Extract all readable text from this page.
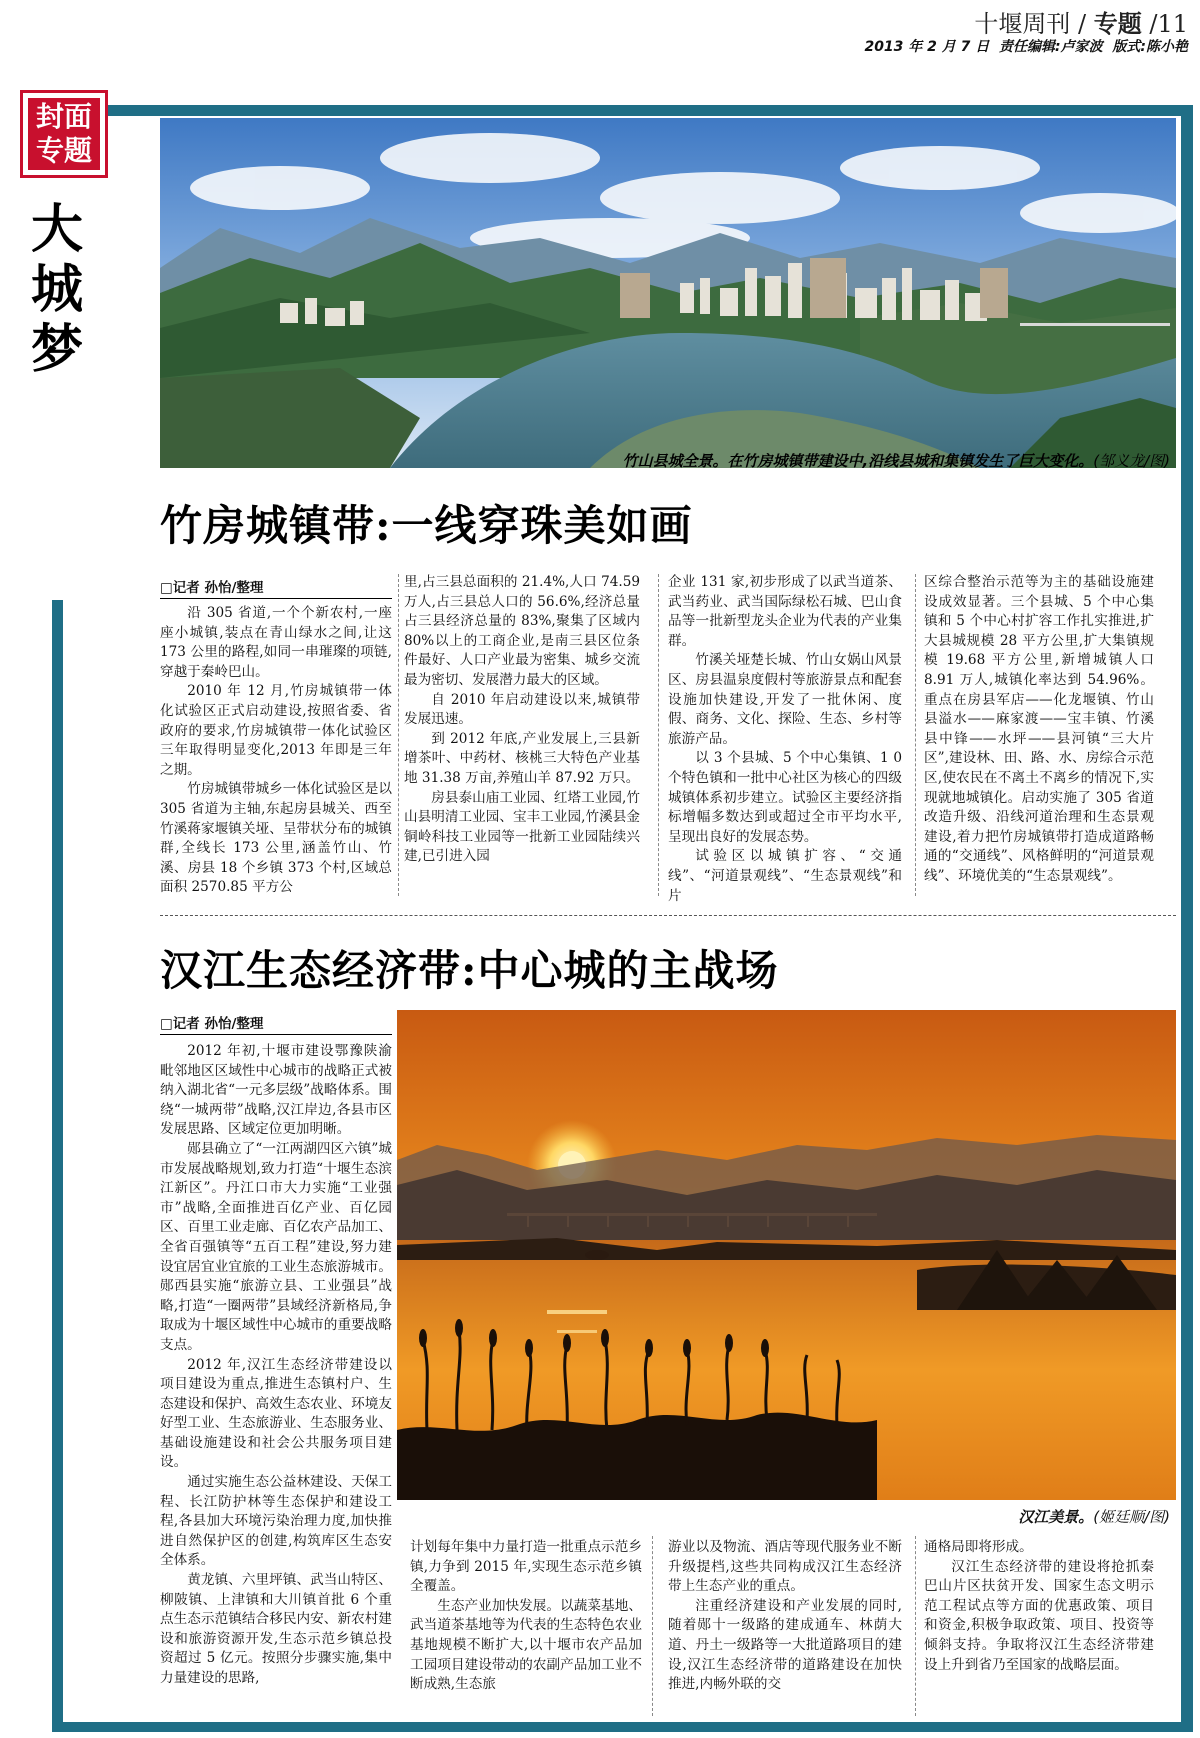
十堰周刊 / 专题 /11
2013 年 2 月 7 日 责任编辑:卢家波 版式:陈小艳
封面
专题
大城梦
竹山县城全景。在竹房城镇带建设中,沿线县城和集镇发生了巨大变化。(邹义龙/图)
竹房城镇带:一线穿珠美如画
□记者 孙怡/整理

沿 305 省道,一个个新农村,一座座小城镇,装点在青山绿水之间,让这 173 公里的路程,如同一串璀璨的项链,穿越于秦岭巴山。

2010 年 12 月,竹房城镇带一体化试验区正式启动建设,按照省委、省政府的要求,竹房城镇带一体化试验区三年取得明显变化,2013 年即是三年之期。

竹房城镇带城乡一体化试验区是以 305 省道为主轴,东起房县城关、西至竹溪蒋家堰镇关垭、呈带状分布的城镇群,全线长 173 公里,涵盖竹山、竹溪、房县 18 个乡镇 373 个村,区域总面积 2570.85 平方公

里,占三县总面积的 21.4%,人口 74.59 万人,占三县总人口的 56.6%,经济总量占三县经济总量的 83%,聚集了区域内 80%以上的工商企业,是南三县区位条件最好、人口产业最为密集、城乡交流最为密切、发展潜力最大的区域。

自 2010 年启动建设以来,城镇带发展迅速。

到 2012 年底,产业发展上,三县新增茶叶、中药材、核桃三大特色产业基地 31.38 万亩,养殖山羊 87.92 万只。

房县泰山庙工业园、红塔工业园,竹山县明清工业园、宝丰工业园,竹溪县金铜岭科技工业园等一批新工业园陆续兴建,已引进入园

企业 131 家,初步形成了以武当道茶、武当药业、武当国际绿松石城、巴山食品等一批新型龙头企业为代表的产业集群。

竹溪关垭楚长城、竹山女娲山风景区、房县温泉度假村等旅游景点和配套设施加快建设,开发了一批休闲、度假、商务、文化、探险、生态、乡村等旅游产品。

以 3 个县城、5 个中心集镇、1 0 个特色镇和一批中心社区为核心的四级城镇体系初步建立。试验区主要经济指标增幅多数达到或超过全市平均水平,呈现出良好的发展态势。

试验区以城镇扩容、“交通线”、“河道景观线”、“生态景观线”和片

区综合整治示范等为主的基础设施建设成效显著。三个县城、5 个中心集镇和 5 个中心村扩容工作扎实推进,扩大县城规模 28 平方公里,扩大集镇规模 19.68 平方公里,新增城镇人口 8.91 万人,城镇化率达到 54.96%。重点在房县军店——化龙堰镇、竹山县溢水——麻家渡——宝丰镇、竹溪县中锋——水坪——县河镇“三大片区”,建设林、田、路、水、房综合示范区,使农民在不离土不离乡的情况下,实现就地城镇化。启动实施了 305 省道改造升级、沿线河道治理和生态景观建设,着力把竹房城镇带打造成道路畅通的“交通线”、风格鲜明的“河道景观线”、环境优美的“生态景观线”。

汉江生态经济带:中心城的主战场
□记者 孙怡/整理

2012 年初,十堰市建设鄂豫陕渝毗邻地区区域性中心城市的战略正式被纳入湖北省“一元多层级”战略体系。围绕“一城两带”战略,汉江岸边,各县市区发展思路、区域定位更加明晰。

郧县确立了“一江两湖四区六镇”城市发展战略规划,致力打造“十堰生态滨江新区”。丹江口市大力实施“工业强市”战略,全面推进百亿产业、百亿园区、百里工业走廊、百亿农产品加工、全省百强镇等“五百工程”建设,努力建设宜居宜业宜旅的工业生态旅游城市。郧西县实施“旅游立县、工业强县”战略,打造“一圈两带”县域经济新格局,争取成为十堰区域性中心城市的重要战略支点。

2012 年,汉江生态经济带建设以项目建设为重点,推进生态镇村户、生态建设和保护、高效生态农业、环境友好型工业、生态旅游业、生态服务业、基础设施建设和社会公共服务项目建设。

通过实施生态公益林建设、天保工程、长江防护林等生态保护和建设工程,各县加大环境污染治理力度,加快推进自然保护区的创建,构筑库区生态安全体系。

黄龙镇、六里坪镇、武当山特区、柳陂镇、上津镇和大川镇首批 6 个重点生态示范镇结合移民内安、新农村建设和旅游资源开发,生态示范乡镇总投资超过 5 亿元。按照分步骤实施,集中力量建设的思路,

汉江美景。(姬廷顺/图)

计划每年集中力量打造一批重点示范乡镇,力争到 2015 年,实现生态示范乡镇全覆盖。

生态产业加快发展。以蔬菜基地、武当道茶基地等为代表的生态特色农业基地规模不断扩大,以十堰市农产品加工园项目建设带动的农副产品加工业不断成熟,生态旅

游业以及物流、酒店等现代服务业不断升级提档,这些共同构成汉江生态经济带上生态产业的重点。

注重经济建设和产业发展的同时,随着郧十一级路的建成通车、林荫大道、丹土一级路等一大批道路项目的建设,汉江生态经济带的道路建设在加快推进,内畅外联的交

通格局即将形成。

汉江生态经济带的建设将抢抓秦巴山片区扶贫开发、国家生态文明示范工程试点等方面的优惠政策、项目和资金,积极争取政策、项目、投资等倾斜支持。争取将汉江生态经济带建设上升到省乃至国家的战略层面。
